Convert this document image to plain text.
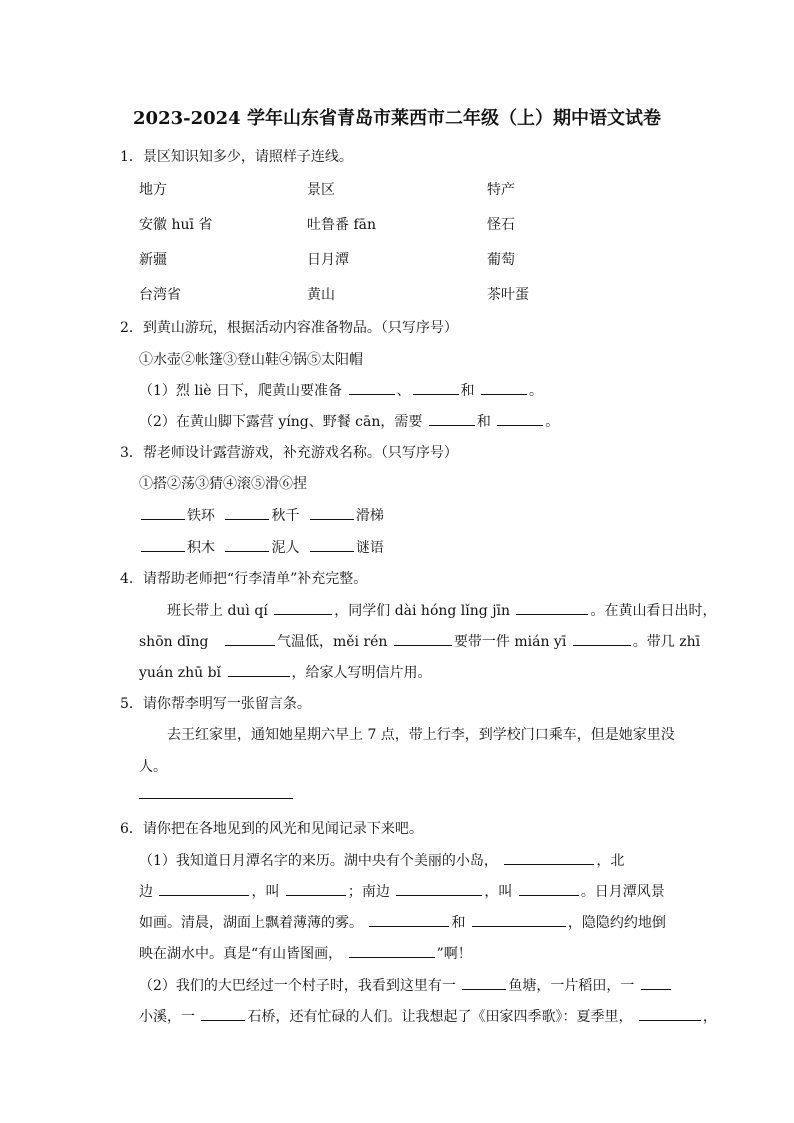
2023-2024 学年山东省青岛市莱西市二年级（上）期中语文试卷
1．景区知识知多少，请照样子连线。
地方	景区	特产
安徽 huī 省	吐鲁番 fān	怪石
新疆	日月潭	葡萄
台湾省	黄山	茶叶蛋
2．到黄山游玩，根据活动内容准备物品。（只写序号）
①水壶②帐篷③登山鞋④锅⑤太阳帽
（1）烈 liè 日下，爬黄山要准备	、	和	。
（2）在黄山脚下露营 yíng、野餐 cān，需要	和	。
3．帮老师设计露营游戏，补充游戏名称。（只写序号）
①搭②荡③猜④滚⑤滑⑥捏
铁环	秋千	滑梯
积木	泥人	谜语
4．请帮助老师把“行李清单”补充完整。
班长带上 duì qí	，同学们 dài hóng lǐng jīn	。在黄山看日出时，
shōn dīng	气温低，měi rén	要带一件 mián yī	。带几 zhī
yuán zhū bǐ	，给家人写明信片用。
5．请你帮李明写一张留言条。
去王红家里，通知她星期六早上 7 点，带上行李，到学校门口乘车，但是她家里没
人。
6．请你把在各地见到的风光和见闻记录下来吧。
（1）我知道日月潭名字的来历。湖中央有个美丽的小岛，	，北
边	，叫	；南边	，叫	。日月潭风景
如画。清晨，湖面上飘着薄薄的雾。	和	，隐隐约约地倒
映在湖水中。真是“有山皆图画，	”啊！
（2）我们的大巴经过一个村子时，我看到这里有一	鱼塘，一片稻田，一
小溪，一	石桥，还有忙碌的人们。让我想起了《田家四季歌》：夏季里，	，
